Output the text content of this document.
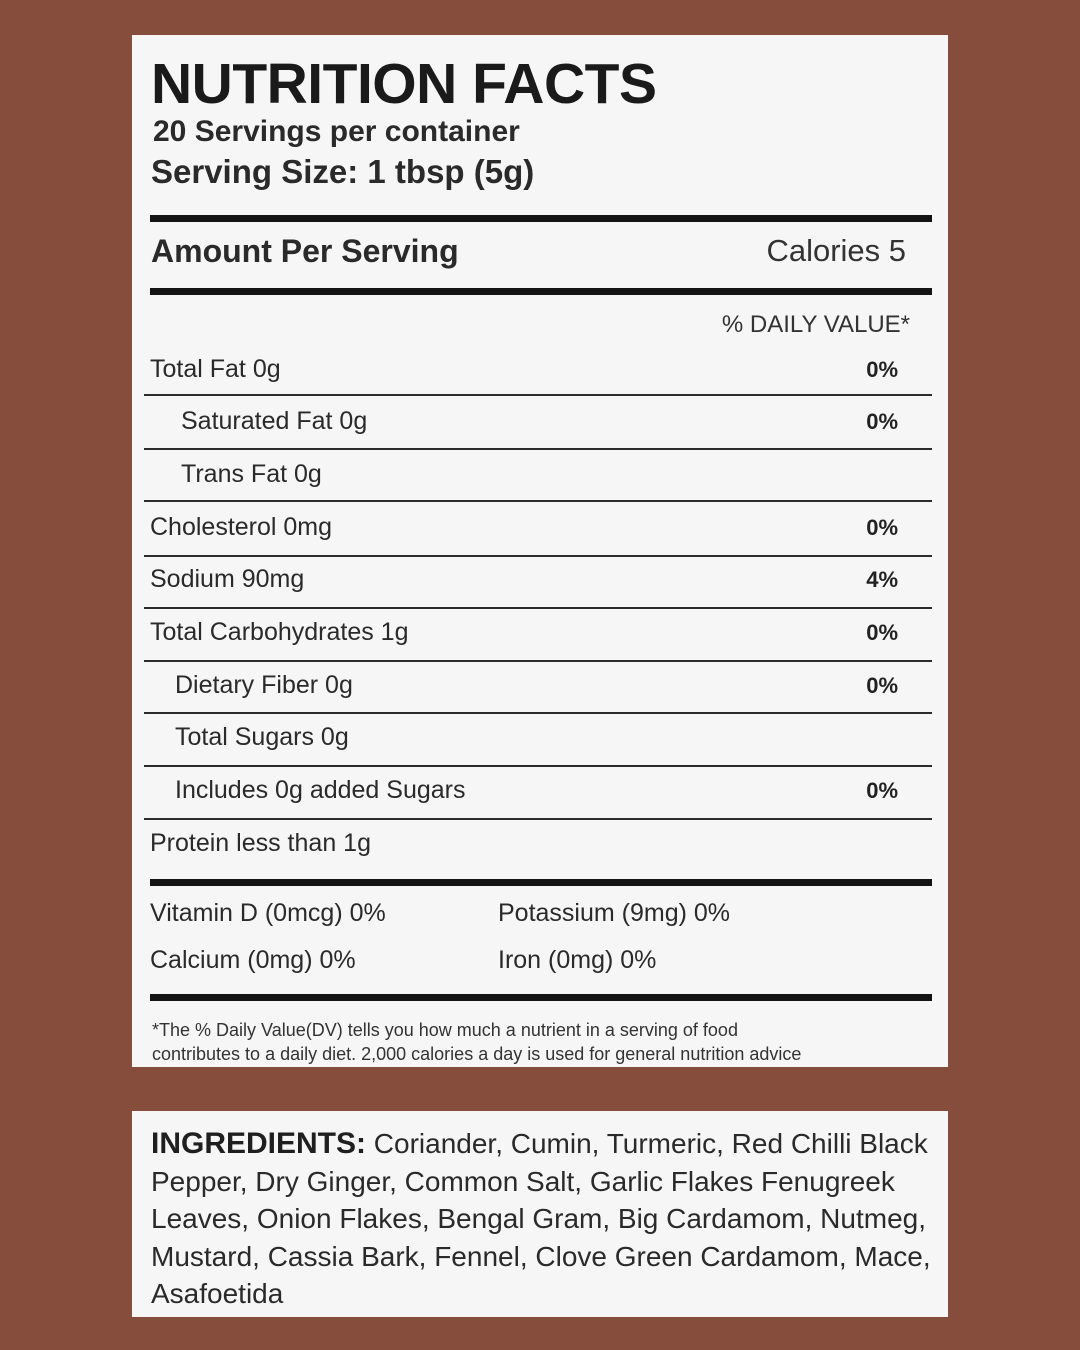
NUTRITION FACTS
20 Servings per container
Serving Size: 1 tbsp (5g)
Amount Per Serving	Calories 5
% DAILY VALUE*
Total Fat 0g	0%
Saturated Fat 0g	0%
Trans Fat 0g
Cholesterol 0mg	0%
Sodium 90mg	4%
Total Carbohydrates 1g	0%
Dietary Fiber 0g	0%
Total Sugars 0g
Includes 0g added Sugars	0%
Protein less than 1g
Vitamin D (0mcg) 0%	Potassium (9mg) 0%
Calcium (0mg) 0%	Iron (0mg) 0%
*The % Daily Value(DV) tells you how much a nutrient in a serving of food
contributes to a daily diet. 2,000 calories a day is used for general nutrition advice
INGREDIENTS: Coriander, Cumin, Turmeric, Red Chilli Black Pepper, Dry Ginger, Common Salt, Garlic Flakes Fenugreek Leaves, Onion Flakes, Bengal Gram, Big Cardamom, Nutmeg, Mustard, Cassia Bark, Fennel, Clove Green Cardamom, Mace, Asafoetida
